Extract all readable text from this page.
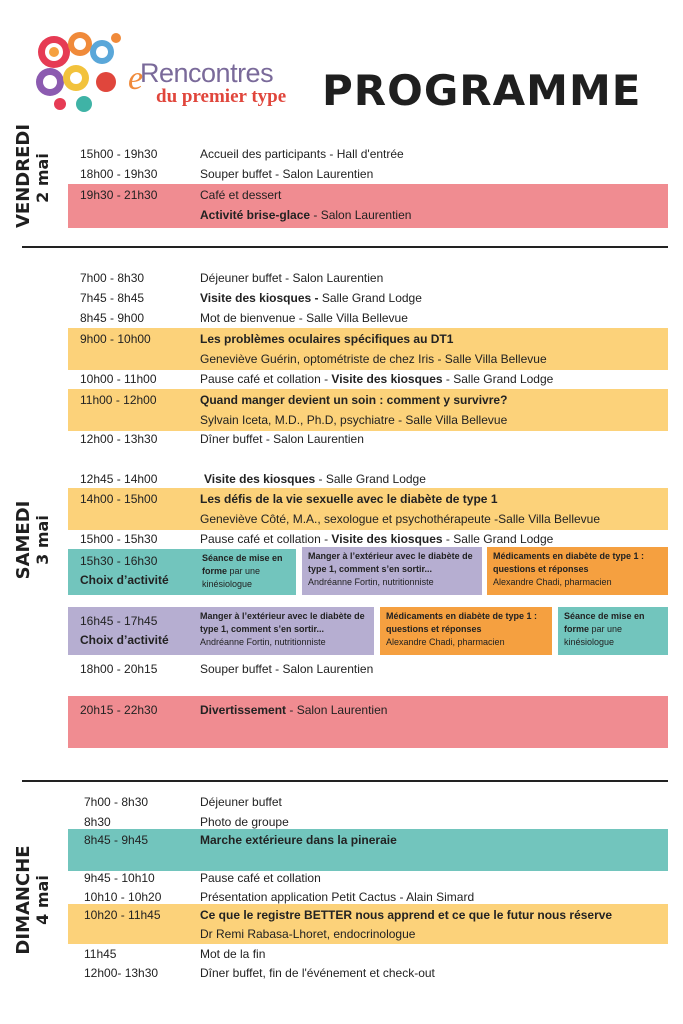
e
Rencontres
du premier type PROGRAMME
VENDREDI 2 mai 15h00 - 19h30	Accueil des participants - Hall d'entrée
18h00 - 19h30	Souper buffet - Salon Laurentien
19h30 - 21h30	Café et dessert
Activité brise-glace - Salon Laurentien
SAMEDI 3 mai
7h00 - 8h30	Déjeuner buffet - Salon Laurentien
7h45 - 8h45	Visite des kiosques - Salle Grand Lodge
8h45 - 9h00	Mot de bienvenue - Salle Villa Bellevue
9h00 - 10h00	Les problèmes oculaires spécifiques au DT1
Geneviève Guérin, optométriste de chez Iris - Salle Villa Bellevue
10h00 - 11h00	Pause café et collation - Visite des kiosques - Salle Grand Lodge
11h00 - 12h00	Quand manger devient un soin : comment y survivre?
Sylvain Iceta, M.D., Ph.D, psychiatre - Salle Villa Bellevue
12h00 - 13h30	Dîner buffet - Salon Laurentien
12h45 - 14h00	Visite des kiosques - Salle Grand Lodge
14h00 - 15h00	Les défis de la vie sexuelle avec le diabète de type 1
Geneviève Côté, M.A., sexologue et psychothérapeute -Salle Villa Bellevue
15h00 - 15h30	Pause café et collation - Visite des kiosques - Salle Grand Lodge
15h30 - 16h30
Choix d’activité
Séance de mise en forme par une kinésiologue
Manger à l’extérieur avec le diabète de type 1, comment s’en sortir...
Andréanne Fortin, nutritionniste
Médicaments en diabète de type 1 : questions et réponses
Alexandre Chadi, pharmacien
16h45 - 17h45
Choix d’activité
Manger à l’extérieur avec le diabète de type 1, comment s’en sortir...
Andréanne Fortin, nutritionniste
Médicaments en diabète de type 1 : questions et réponses
Alexandre Chadi, pharmacien
Séance de mise en forme par une kinésiologue
18h00 - 20h15	Souper buffet - Salon Laurentien
20h15 - 22h30	Divertissement - Salon Laurentien
DIMANCHE 4 mai
7h00 - 8h30	Déjeuner buffet
8h30	Photo de groupe
8h45 - 9h45	Marche extérieure dans la pineraie
9h45 - 10h10	Pause café et collation
10h10 - 10h20	Présentation application Petit Cactus - Alain Simard
10h20 - 11h45	Ce que le registre BETTER nous apprend et ce que le futur nous réserve
Dr Remi Rabasa-Lhoret, endocrinologue
11h45	Mot de la fin
12h00- 13h30	Dîner buffet, fin de l'événement et check-out
